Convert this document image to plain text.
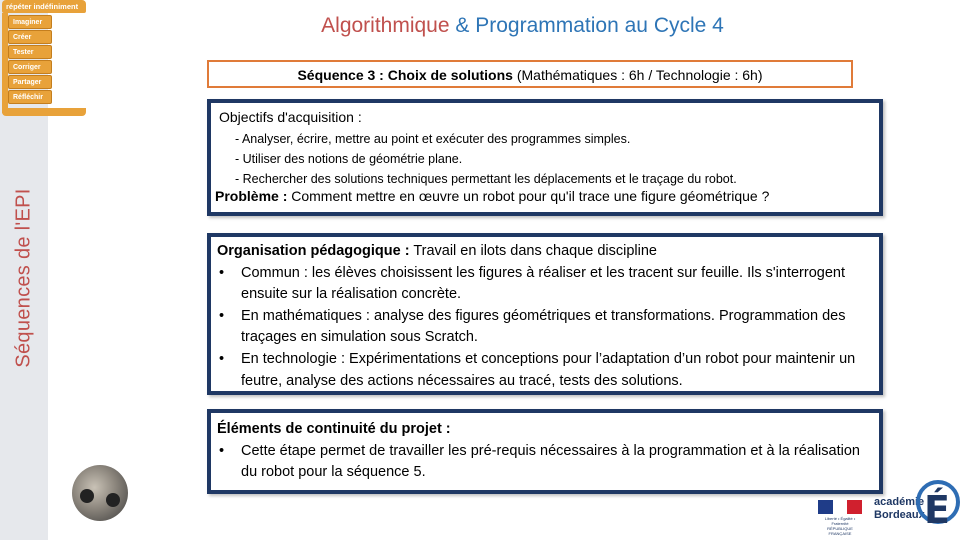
Séquences de l'EPI
répéter indéfiniment
Imaginer
Créer
Tester
Corriger
Partager
Réfléchir
Algorithmique & Programmation au Cycle 4
Séquence 3 : Choix de solutions (Mathématiques : 6h / Technologie : 6h)
Objectifs d'acquisition :
- Analyser, écrire, mettre au point et exécuter des programmes simples.
- Utiliser des notions de géométrie plane.
- Rechercher des solutions techniques permettant les déplacements et le traçage du robot.
Problème : Comment mettre en œuvre un robot pour qu'il trace une figure géométrique ?
Organisation pédagogique : Travail en ilots dans chaque discipline
• Commun : les élèves choisissent les figures à réaliser et les tracent sur feuille. Ils s'interrogent ensuite sur la réalisation concrète.
• En mathématiques : analyse des figures géométriques et transformations. Programmation des traçages en simulation sous Scratch.
• En technologie : Expérimentations et conceptions pour l’adaptation d’un robot pour maintenir un feutre, analyse des actions nécessaires au tracé, tests des solutions.
Éléments de continuité du projet :
• Cette étape permet de travailler les pré-requis nécessaires à la programmation et à la réalisation du robot pour la séquence 5.
Liberté • Égalité • Fraternité
RÉPUBLIQUE FRANÇAISE
académie
Bordeaux É
